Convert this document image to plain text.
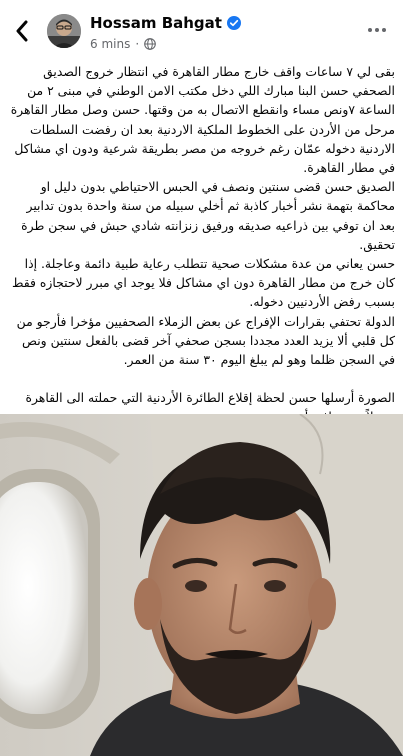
Hossam Bahgat
6 mins ·

بقى لي ٧ ساعات واقف خارج مطار القاهرة في انتظار خروج الصديق الصحفي حسن البنا مبارك اللي دخل مكتب الامن الوطني في مبنى ٢ من الساعة ٧ونص مساء وانقطع الاتصال به من وقتها. حسن وصل مطار القاهرة مرحل من الأردن على الخطوط الملكية الاردنية بعد ان رفضت السلطات الاردنية دخوله عمّان رغم خروجه من مصر بطريقة شرعية ودون اي مشاكل في مطار القاهرة.

الصديق حسن قضى سنتين ونصف في الحبس الاحتياطي بدون دليل او محاكمة بتهمة نشر أخبار كاذبة ثم أخلي سبيله من سنة واحدة بدون تدابير بعد ان توفي بين ذراعيه صديقه ورفيق زنزانته شادي حبش في سجن طرة تحقيق.

حسن يعاني من عدة مشكلات صحية تتطلب رعاية طبية دائمة وعاجلة. إذا كان خرج من مطار القاهرة دون اي مشاكل فلا يوجد اي مبرر لاحتجازه فقط بسبب رفض الأردنيين دخوله.

الدولة تحتفي بقرارات الإفراج عن بعض الزملاء الصحفيين مؤخرا فأرجو من كل قلبي ألا يزيد العدد مجددا بسجن صحفي آخر قضى بالفعل سنتين ونص في السجن ظلما وهو لم يبلغ اليوم ٣٠ سنة من العمر.

الصورة أرسلها حسن لحظة إقلاع الطائرة الأردنية التي حملته الى القاهرة
